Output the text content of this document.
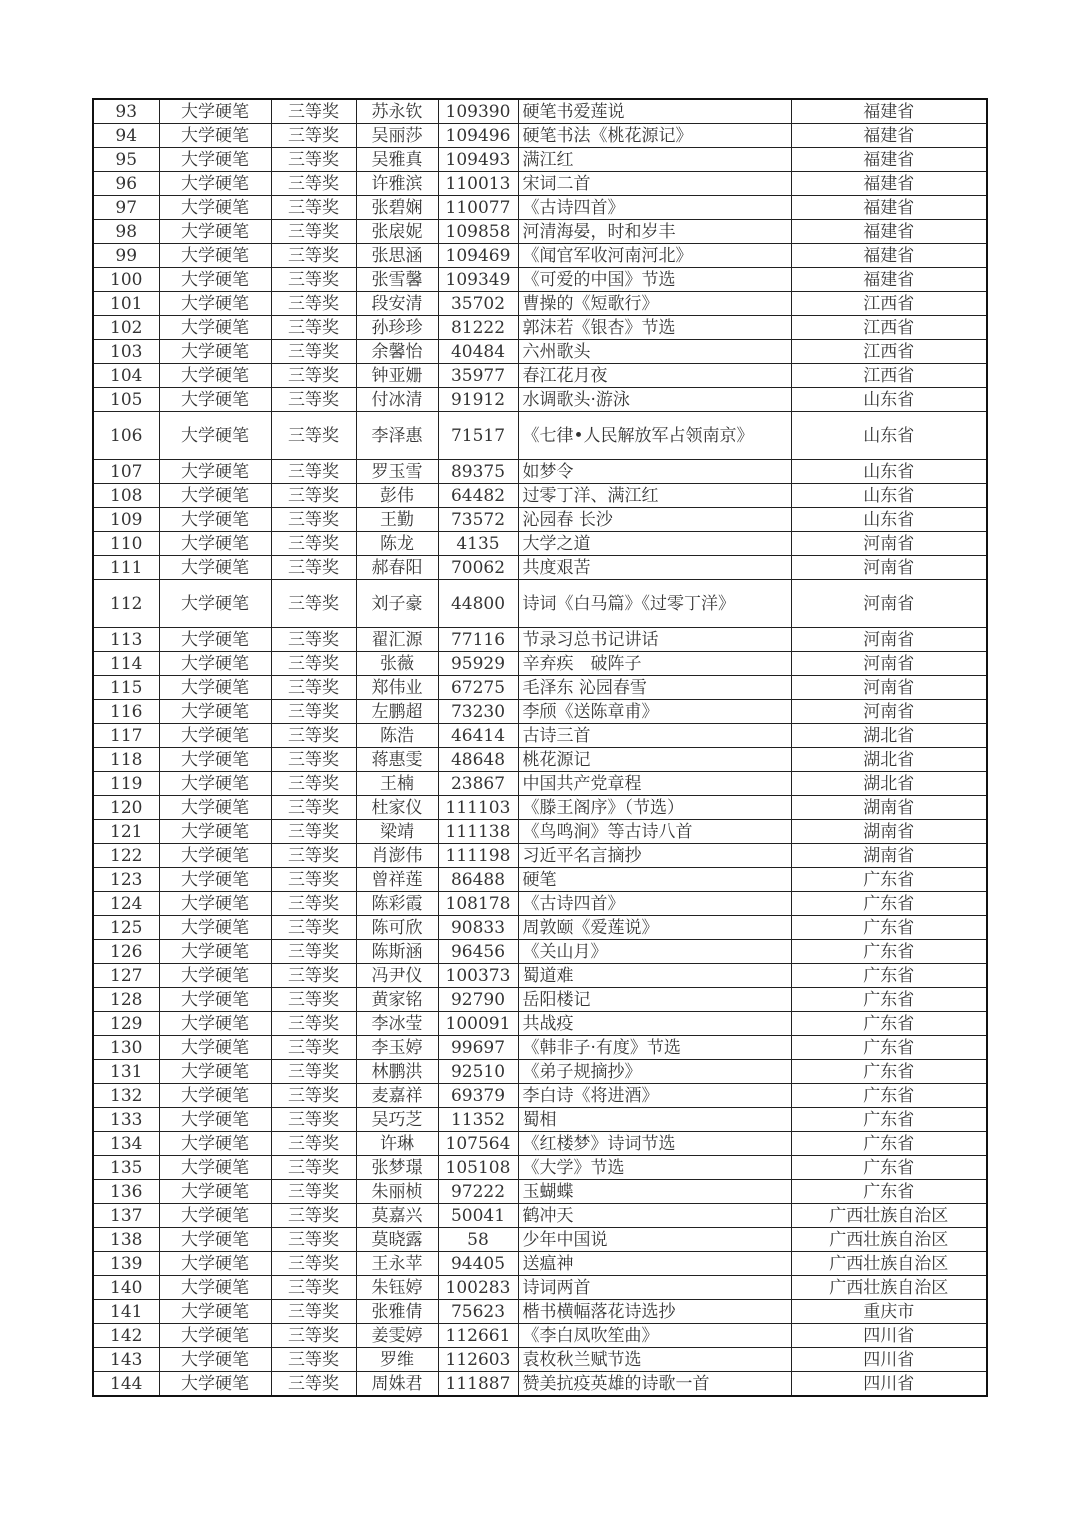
93	大学硬笔	三等奖	苏永钦	109390	硬笔书爱莲说	福建省
94	大学硬笔	三等奖	吴丽莎	109496	硬笔书法《桃花源记》	福建省
95	大学硬笔	三等奖	吴雅真	109493	满江红	福建省
96	大学硬笔	三等奖	许雅滨	110013	宋词二首	福建省
97	大学硬笔	三等奖	张碧娴	110077	《古诗四首》	福建省
98	大学硬笔	三等奖	张扆妮	109858	河清海晏，时和岁丰	福建省
99	大学硬笔	三等奖	张思涵	109469	《闻官军收河南河北》	福建省
100	大学硬笔	三等奖	张雪馨	109349	《可爱的中国》节选	福建省
101	大学硬笔	三等奖	段安清	35702	曹操的《短歌行》	江西省
102	大学硬笔	三等奖	孙珍珍	81222	郭沫若《银杏》节选	江西省
103	大学硬笔	三等奖	余馨怡	40484	六州歌头	江西省
104	大学硬笔	三等奖	钟亚姗	35977	春江花月夜	江西省
105	大学硬笔	三等奖	付冰清	91912	水调歌头·游泳	山东省
106	大学硬笔	三等奖	李泽惠	71517	《七律•人民解放军占领南京》	山东省
107	大学硬笔	三等奖	罗玉雪	89375	如梦令	山东省
108	大学硬笔	三等奖	彭伟	64482	过零丁洋、满江红	山东省
109	大学硬笔	三等奖	王勤	73572	沁园春 长沙	山东省
110	大学硬笔	三等奖	陈龙	4135	大学之道	河南省
111	大学硬笔	三等奖	郝春阳	70062	共度艰苦	河南省
112	大学硬笔	三等奖	刘子豪	44800	诗词《白马篇》《过零丁洋》	河南省
113	大学硬笔	三等奖	翟汇源	77116	节录习总书记讲话	河南省
114	大学硬笔	三等奖	张薇	95929	辛弃疾　破阵子	河南省
115	大学硬笔	三等奖	郑伟业	67275	毛泽东 沁园春雪	河南省
116	大学硬笔	三等奖	左鹏超	73230	李颀《送陈章甫》	河南省
117	大学硬笔	三等奖	陈浩	46414	古诗三首	湖北省
118	大学硬笔	三等奖	蒋惠雯	48648	桃花源记	湖北省
119	大学硬笔	三等奖	王楠	23867	中国共产党章程	湖北省
120	大学硬笔	三等奖	杜家仪	111103	《滕王阁序》（节选）	湖南省
121	大学硬笔	三等奖	梁靖	111138	《鸟鸣涧》等古诗八首	湖南省
122	大学硬笔	三等奖	肖澎伟	111198	习近平名言摘抄	湖南省
123	大学硬笔	三等奖	曾祥莲	86488	硬笔	广东省
124	大学硬笔	三等奖	陈彩霞	108178	《古诗四首》	广东省
125	大学硬笔	三等奖	陈可欣	90833	周敦颐《爱莲说》	广东省
126	大学硬笔	三等奖	陈斯涵	96456	《关山月》	广东省
127	大学硬笔	三等奖	冯尹仪	100373	蜀道难	广东省
128	大学硬笔	三等奖	黄家铭	92790	岳阳楼记	广东省
129	大学硬笔	三等奖	李冰莹	100091	共战疫	广东省
130	大学硬笔	三等奖	李玉婷	99697	《韩非子·有度》节选	广东省
131	大学硬笔	三等奖	林鹏洪	92510	《弟子规摘抄》	广东省
132	大学硬笔	三等奖	麦嘉祥	69379	李白诗《将进酒》	广东省
133	大学硬笔	三等奖	吴巧芝	11352	蜀相	广东省
134	大学硬笔	三等奖	许琳	107564	《红楼梦》诗词节选	广东省
135	大学硬笔	三等奖	张梦璟	105108	《大学》节选	广东省
136	大学硬笔	三等奖	朱丽桢	97222	玉蝴蝶	广东省
137	大学硬笔	三等奖	莫嘉兴	50041	鹤冲天	广西壮族自治区
138	大学硬笔	三等奖	莫晓露	58	少年中国说	广西壮族自治区
139	大学硬笔	三等奖	王永苹	94405	送瘟神	广西壮族自治区
140	大学硬笔	三等奖	朱钰婷	100283	诗词两首	广西壮族自治区
141	大学硬笔	三等奖	张雅倩	75623	楷书横幅落花诗选抄	重庆市
142	大学硬笔	三等奖	姜雯婷	112661	《李白凤吹笙曲》	四川省
143	大学硬笔	三等奖	罗维	112603	袁枚秋兰赋节选	四川省
144	大学硬笔	三等奖	周姝君	111887	赞美抗疫英雄的诗歌一首	四川省
